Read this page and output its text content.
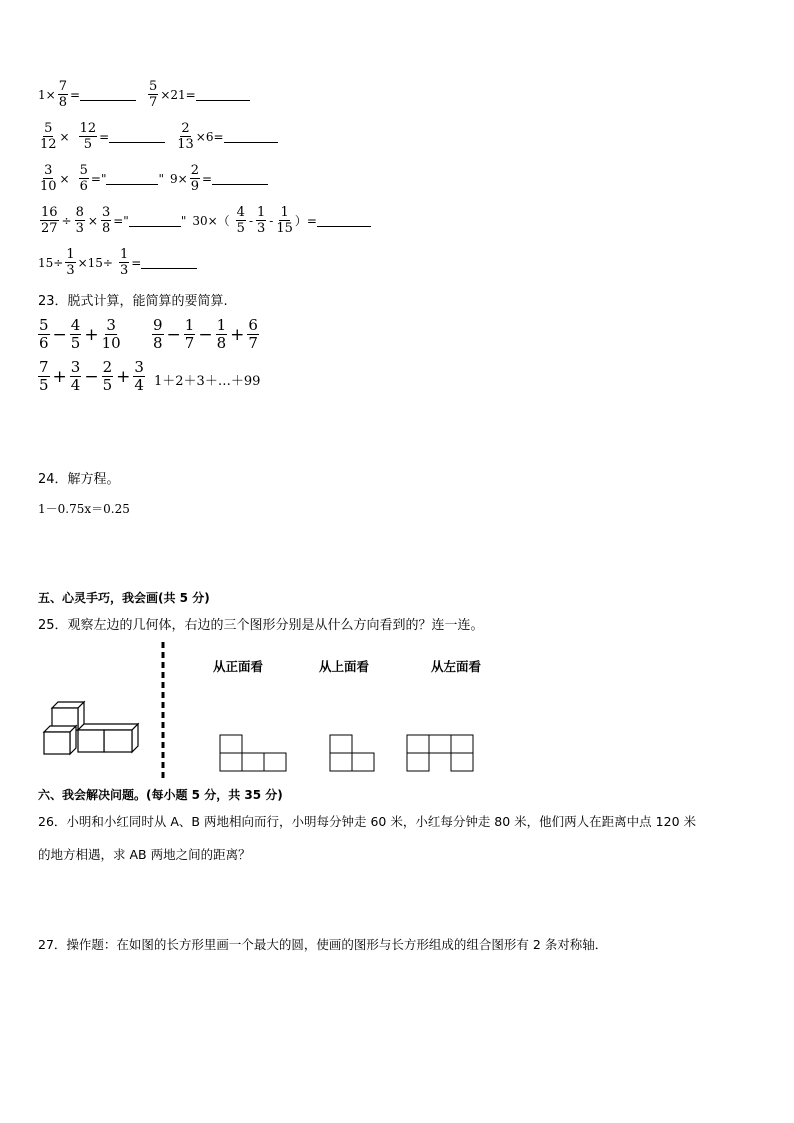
$1\times \frac{7}{8}$ =	$\frac{5}{7} \times 21=$
$\frac{5}{12} \times \frac{12}{5}$ =	$\frac{2}{13} \times 6=$
$\frac{3}{10} \times \frac{5}{6}$ ="	" $9\times \frac{2}{9}$ =
$\frac{16}{27} \div \frac{8}{3} \times \frac{3}{8}$ ="	" $30\times( \frac{4}{5} - \frac{1}{3} - \frac{1}{15}$ ）=
$15\div \frac{1}{3} \times 15\div \frac{1}{3}$ =
23．脱式计算，能简算的要简算.
$\frac{5}{6} - \frac{4}{5} + \frac{3}{10} \frac{9}{8} - \frac{1}{7} - \frac{1}{8} + \frac{6}{7}$
$\frac{7}{5} + \frac{3}{4} - \frac{2}{5} + \frac{3}{4}$ 1＋2＋3＋…＋99
24．解方程。
1－0.75x＝0.25
五、心灵手巧，我会画(共 5 分)
25．观察左边的几何体，右边的三个图形分别是从什么方向看到的？连一连。
从正面看	从上面看	从左面看
六、我会解决问题。(每小题 5 分，共 35 分)
26．小明和小红同时从 A、B 两地相向而行，小明每分钟走 60 米，小红每分钟走 80 米，他们两人在距离中点 120 米
的地方相遇，求 AB 两地之间的距离？
27．操作题：在如图的长方形里画一个最大的圆，使画的图形与长方形组成的组合图形有 2 条对称轴．
